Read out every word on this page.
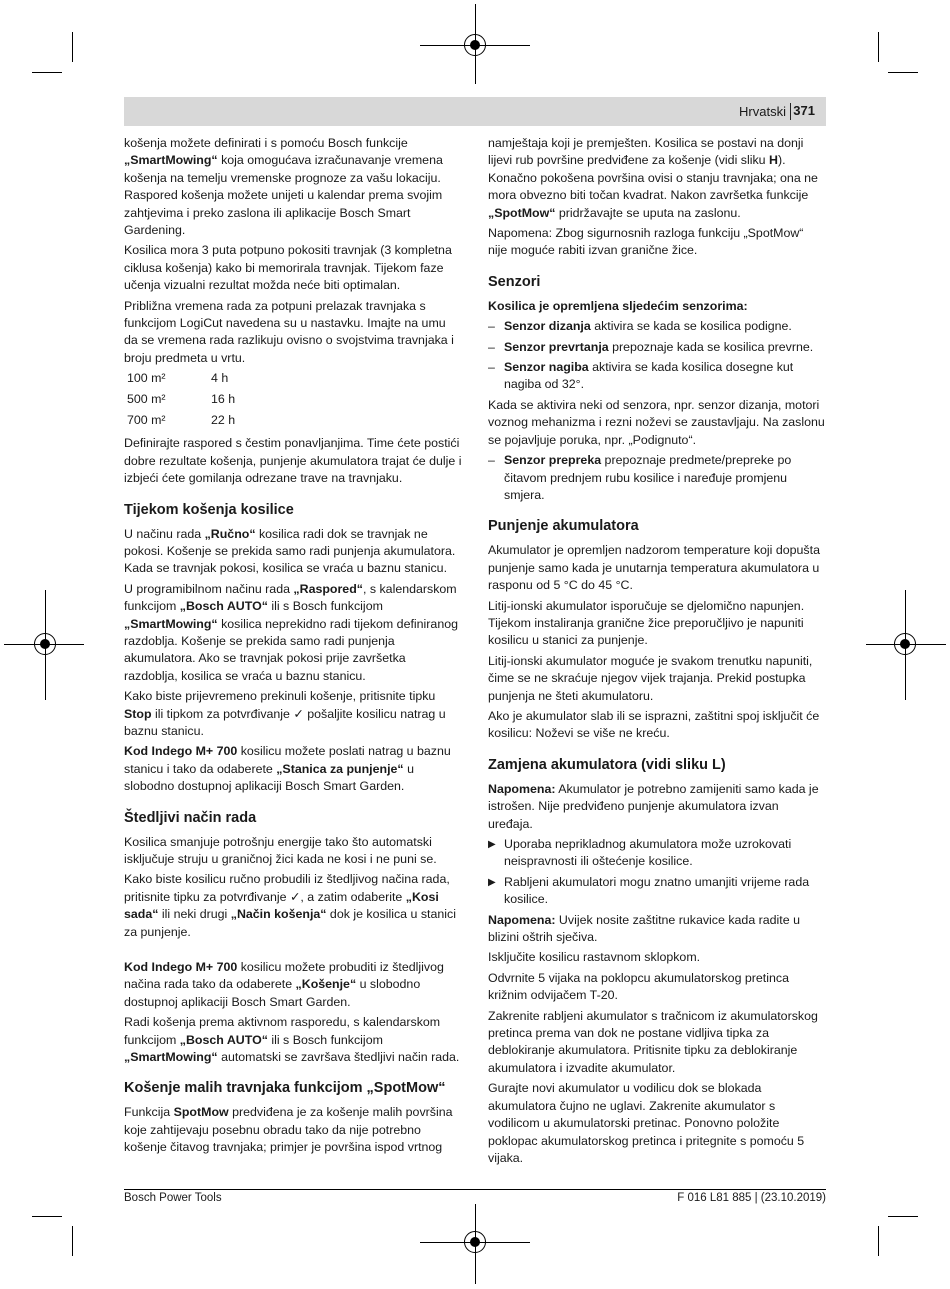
Hrvatski 371

košenja možete definirati i s pomoću Bosch funkcije „SmartMowing“ koja omogućava izračunavanje vremena košenja na temelju vremenske prognoze za vašu lokaciju. Raspored košenja možete unijeti u kalendar prema svojim zahtjevima i preko zaslona ili aplikacije Bosch Smart Gardening.

Kosilica mora 3 puta potpuno pokositi travnjak (3 kompletna ciklusa košenja) kako bi memorirala travnjak. Tijekom faze učenja vizualni rezultat možda neće biti optimalan.

Približna vremena rada za potpuni prelazak travnjaka s funkcijom LogiCut navedena su u nastavku. Imajte na umu da se vremena rada razlikuju ovisno o svojstvima travnjaka i broju predmeta u vrtu.

100 m²	4 h
500 m²	16 h
700 m²	22 h

Definirajte raspored s čestim ponavljanjima. Time ćete postići dobre rezultate košenja, punjenje akumulatora trajat će dulje i izbjeći ćete gomilanja odrezane trave na travnjaku.

Tijekom košenja kosilice

U načinu rada „Ručno“ kosilica radi dok se travnjak ne pokosi. Košenje se prekida samo radi punjenja akumulatora. Kada se travnjak pokosi, kosilica se vraća u baznu stanicu.

U programibilnom načinu rada „Raspored“, s kalendarskom funkcijom „Bosch AUTO“ ili s Bosch funkcijom „SmartMowing“ kosilica neprekidno radi tijekom definiranog razdoblja. Košenje se prekida samo radi punjenja akumulatora. Ako se travnjak pokosi prije završetka razdoblja, kosilica se vraća u baznu stanicu.

Kako biste prijevremeno prekinuli košenje, pritisnite tipku Stop ili tipkom za potvrđivanje ✓ pošaljite kosilicu natrag u baznu stanicu.

Kod Indego M+ 700 kosilicu možete poslati natrag u baznu stanicu i tako da odaberete „Stanica za punjenje“ u slobodno dostupnoj aplikaciji Bosch Smart Garden.

Štedljivi način rada

Kosilica smanjuje potrošnju energije tako što automatski isključuje struju u graničnoj žici kada ne kosi i ne puni se.

Kako biste kosilicu ručno probudili iz štedljivog načina rada, pritisnite tipku za potvrđivanje ✓, a zatim odaberite „Kosi sada“ ili neki drugi „Način košenja“ dok je kosilica u stanici za punjenje.

Kod Indego M+ 700 kosilicu možete probuditi iz štedljivog načina rada tako da odaberete „Košenje“ u slobodno dostupnoj aplikaciji Bosch Smart Garden.

Radi košenja prema aktivnom rasporedu, s kalendarskom funkcijom „Bosch AUTO“ ili s Bosch funkcijom „SmartMowing“ automatski se završava štedljivi način rada.

Košenje malih travnjaka funkcijom „SpotMow“

Funkcija SpotMow predviđena je za košenje malih površina koje zahtijevaju posebnu obradu tako da nije potrebno košenje čitavog travnjaka; primjer je površina ispod vrtnog

namještaja koji je premješten. Kosilica se postavi na donji lijevi rub površine predviđene za košenje (vidi sliku H). Konačno pokošena površina ovisi o stanju travnjaka; ona ne mora obvezno biti točan kvadrat. Nakon završetka funkcije „SpotMow“ pridržavajte se uputa na zaslonu.

Napomena: Zbog sigurnosnih razloga funkciju „SpotMow“ nije moguće rabiti izvan granične žice.

Senzori

Kosilica je opremljena sljedećim senzorima:

– Senzor dizanja aktivira se kada se kosilica podigne.
– Senzor prevrtanja prepoznaje kada se kosilica prevrne.
– Senzor nagiba aktivira se kada kosilica dosegne kut nagiba od 32°.

Kada se aktivira neki od senzora, npr. senzor dizanja, motori voznog mehanizma i rezni noževi se zaustavljaju. Na zaslonu se pojavljuje poruka, npr. „Podignuto“.

– Senzor prepreka prepoznaje predmete/prepreke po čitavom prednjem rubu kosilice i naređuje promjenu smjera.
Punjenje akumulatora

Akumulator je opremljen nadzorom temperature koji dopušta punjenje samo kada je unutarnja temperatura akumulatora u rasponu od 5 °C do 45 °C.

Litij-ionski akumulator isporučuje se djelomično napunjen. Tijekom instaliranja granične žice preporučljivo je napuniti kosilicu u stanici za punjenje.

Litij-ionski akumulator moguće je svakom trenutku napuniti, čime se ne skraćuje njegov vijek trajanja. Prekid postupka punjenja ne šteti akumulatoru.

Ako je akumulator slab ili se isprazni, zaštitni spoj isključit će kosilicu: Noževi se više ne kreću.

Zamjena akumulatora (vidi sliku L)

Napomena: Akumulator je potrebno zamijeniti samo kada je istrošen. Nije predviđeno punjenje akumulatora izvan uređaja.

▶ Uporaba neprikladnog akumulatora može uzrokovati neispravnosti ili oštećenje kosilice.
▶ Rabljeni akumulatori mogu znatno umanjiti vrijeme rada kosilice.

Napomena: Uvijek nosite zaštitne rukavice kada radite u blizini oštrih sječiva.

Isključite kosilicu rastavnom sklopkom.

Odvrnite 5 vijaka na poklopcu akumulatorskog pretinca križnim odvijačem T-20.

Zakrenite rabljeni akumulator s tračnicom iz akumulatorskog pretinca prema van dok ne postane vidljiva tipka za deblokiranje akumulatora. Pritisnite tipku za deblokiranje akumulatora i izvadite akumulator.

Gurajte novi akumulator u vodilicu dok se blokada akumulatora čujno ne uglavi. Zakrenite akumulator s vodilicom u akumulatorski pretinac. Ponovno položite poklopac akumulatorskog pretinca i pritegnite s pomoću 5 vijaka.

Bosch Power Tools	F 016 L81 885 | (23.10.2019)
